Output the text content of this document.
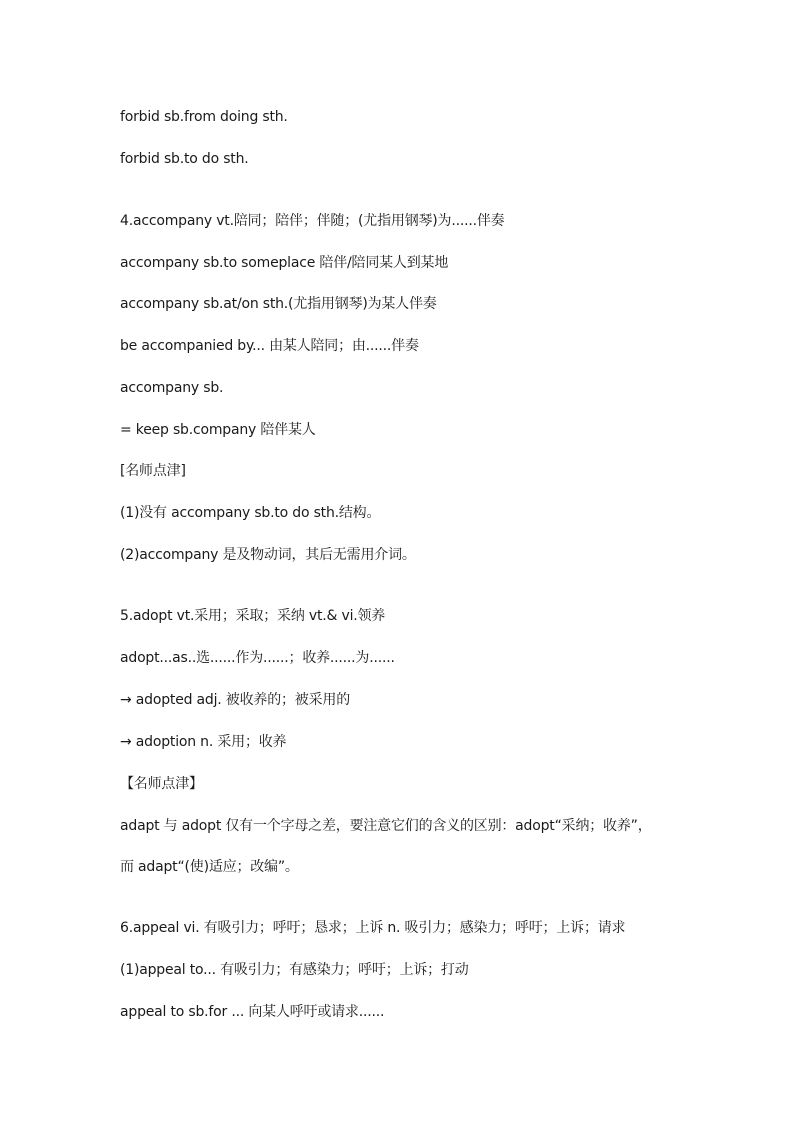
forbid sb.from doing sth.
forbid sb.to do sth.
4.accompany vt.陪同；陪伴；伴随；(尤指用钢琴)为......伴奏
accompany sb.to someplace 陪伴/陪同某人到某地
accompany sb.at/on sth.(尤指用钢琴)为某人伴奏
be accompanied by... 由某人陪同；由......伴奏
accompany sb.
= keep sb.company 陪伴某人
[名师点津]
(1)没有 accompany sb.to do sth.结构。
(2)accompany 是及物动词，其后无需用介词。
5.adopt vt.采用；采取；采纳 vt.& vi.领养
adopt...as..选......作为......；收养......为......
→ adopted adj. 被收养的；被采用的
→ adoption n. 采用；收养
【名师点津】
adapt 与 adopt 仅有一个字母之差，要注意它们的含义的区别：adopt“采纳；收养”，
而 adapt“(使)适应；改编”。
6.appeal vi. 有吸引力；呼吁；恳求；上诉 n. 吸引力；感染力；呼吁；上诉；请求
(1)appeal to... 有吸引力；有感染力；呼吁；上诉；打动
appeal to sb.for ... 向某人呼吁或请求......
